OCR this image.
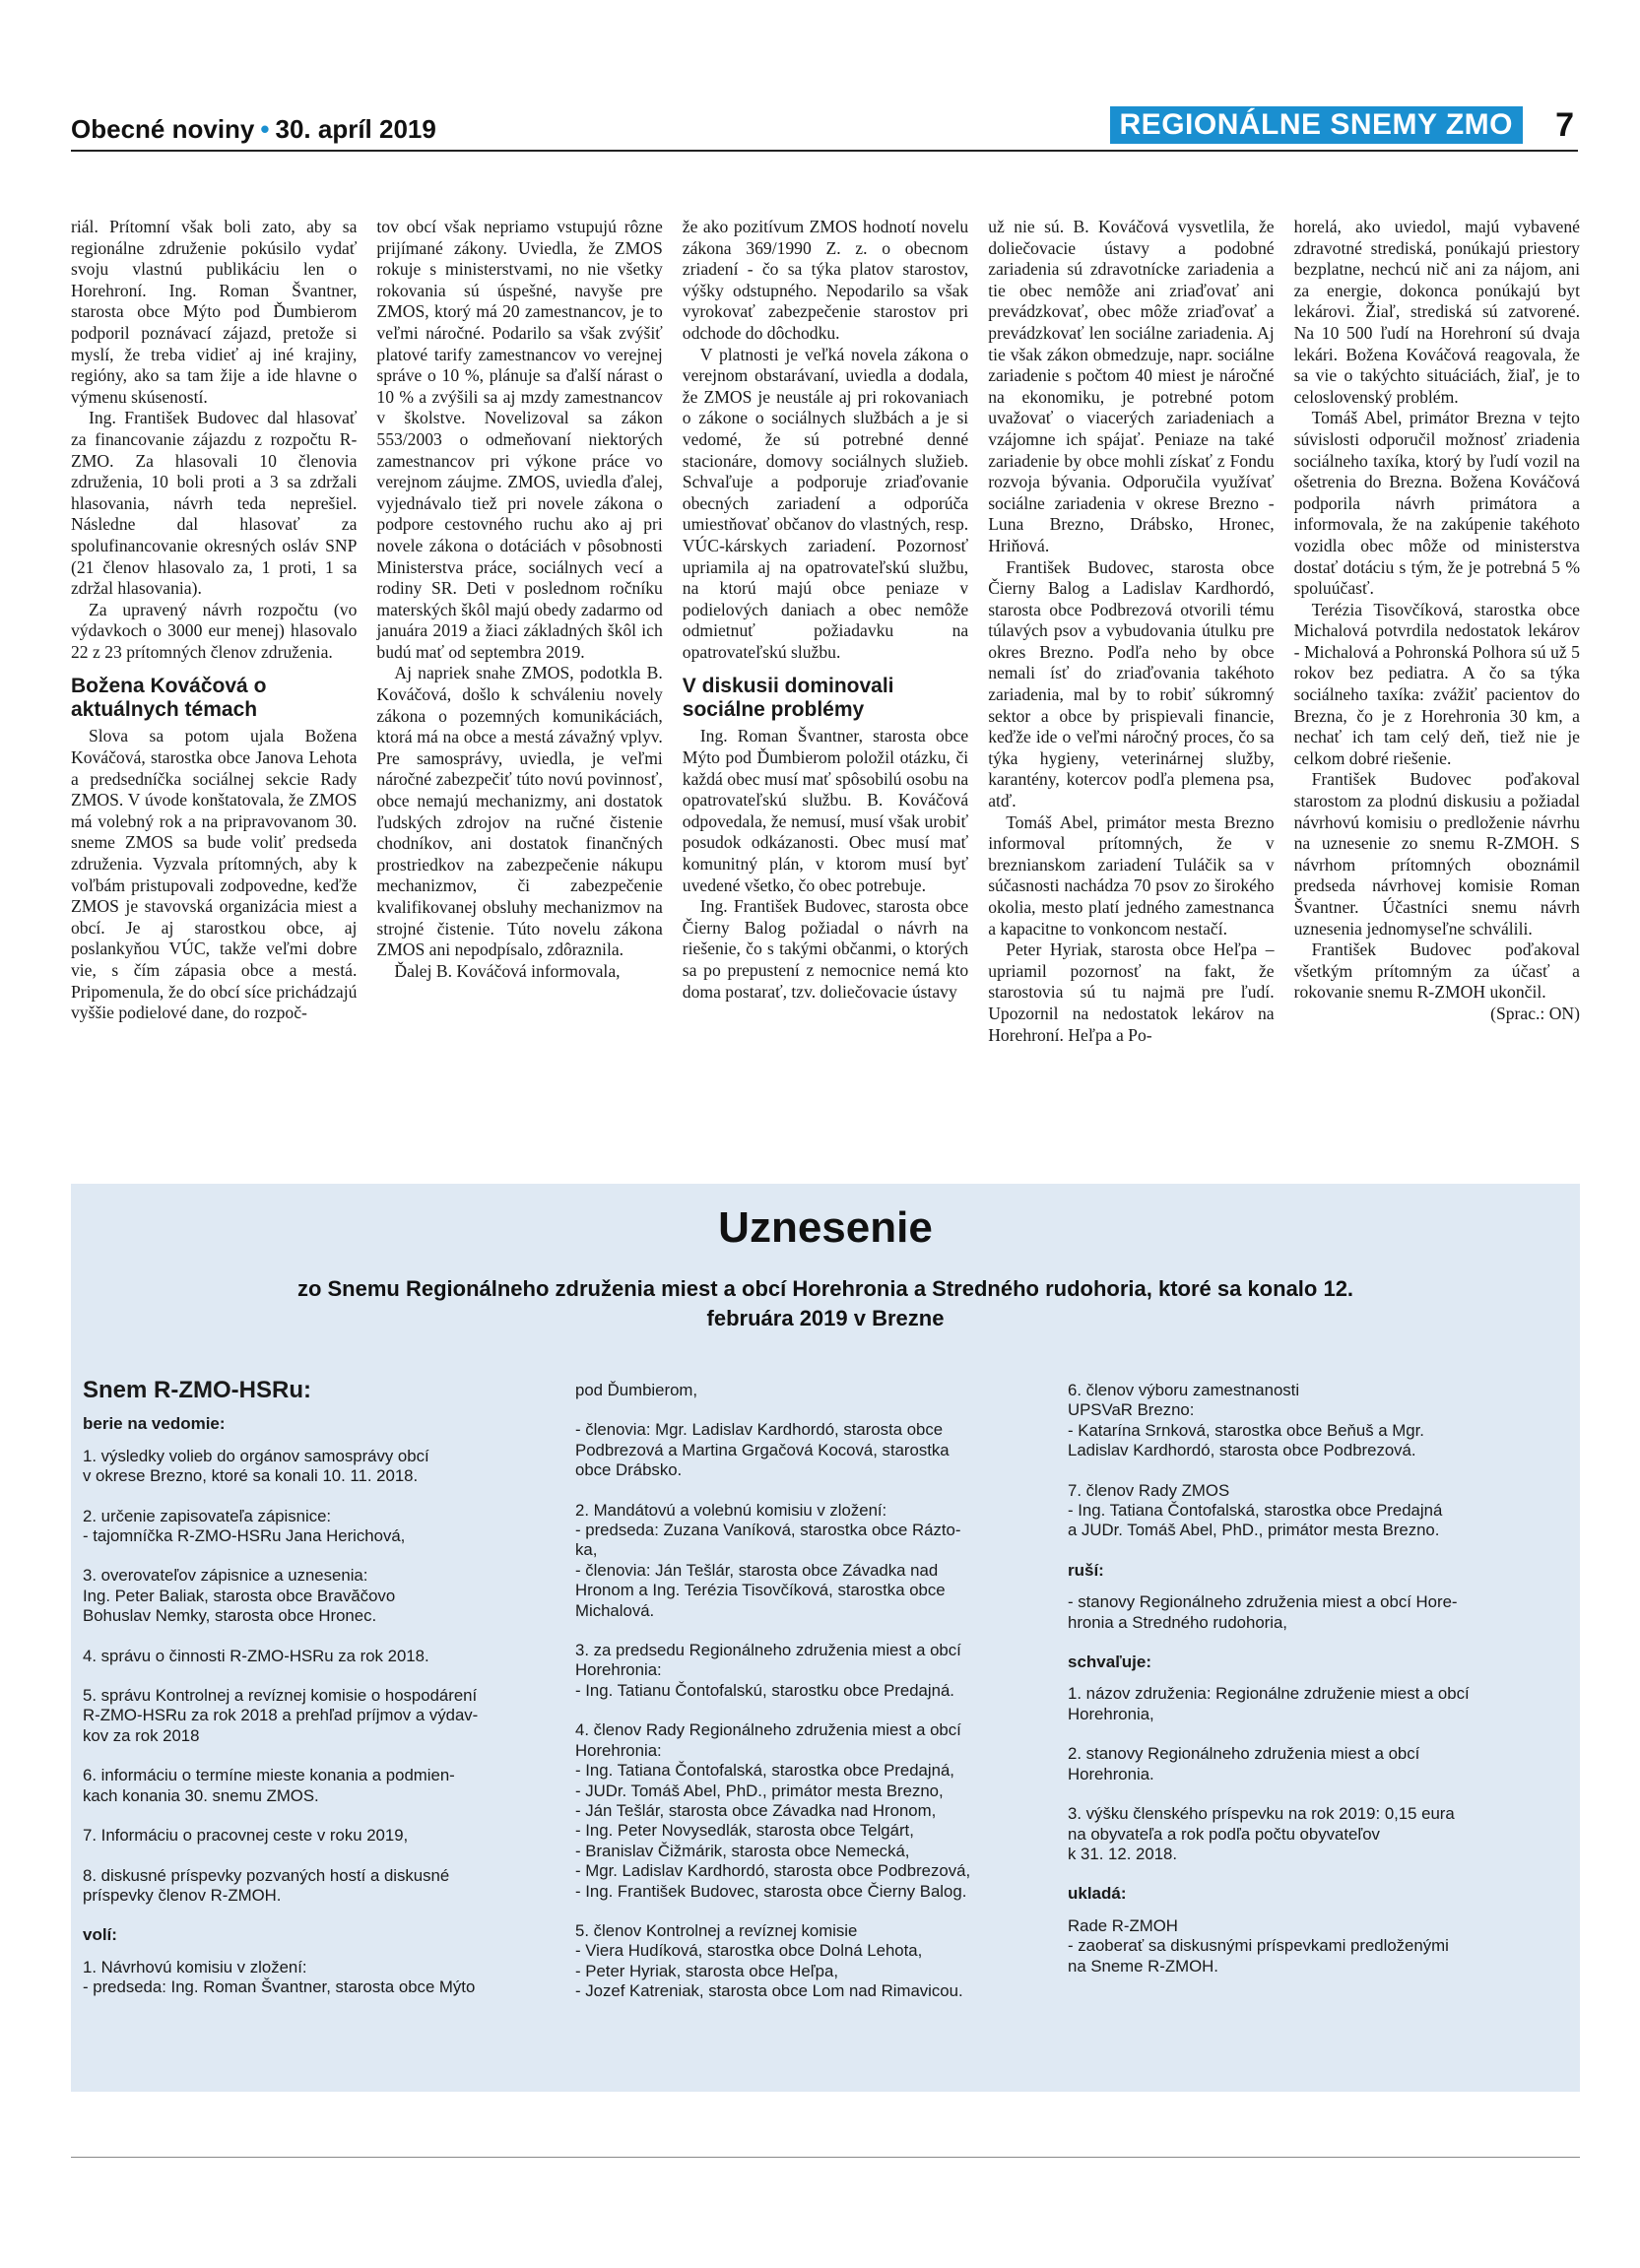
Obecné noviny • 30. apríl 2019	REGIONÁLNE SNEMY ZMO 7

riál. Prítomní však boli zato, aby sa regionálne združenie pokúsilo vydať svoju vlastnú publikáciu len o Horehroní. Ing. Roman Švantner, starosta obce Mýto pod Ďumbierom podporil poznávací zájazd, pretože si myslí, že treba vidieť aj iné krajiny, regióny, ako sa tam žije a ide hlavne o výmenu skúseností.

Ing. František Budovec dal hlasovať za financovanie zájazdu z rozpočtu R-ZMO. Za hlasovali 10 členovia združenia, 10 boli proti a 3 sa zdržali hlasovania, návrh teda neprešiel. Následne dal hlasovať za spolufinancovanie okresných osláv SNP (21 členov hlasovalo za, 1 proti, 1 sa zdržal hlasovania).

Za upravený návrh rozpočtu (vo výdavkoch o 3000 eur menej) hlasovalo 22 z 23 prítomných členov združenia.

Božena Kováčová o aktuálnych témach

Slova sa potom ujala Božena Kováčová, starostka obce Janova Lehota a predsedníčka sociálnej sekcie Rady ZMOS. V úvode konštatovala, že ZMOS má volebný rok a na pripravovanom 30. sneme ZMOS sa bude voliť predseda združenia. Vyzvala prítomných, aby k voľbám pristupovali zodpovedne, keďže ZMOS je stavovská organizácia miest a obcí. Je aj starostkou obce, aj poslankyňou VÚC, takže veľmi dobre vie, s čím zápasia obce a mestá. Pripomenula, že do obcí síce prichádzajú vyššie podielové dane, do rozpoč-

tov obcí však nepriamo vstupujú rôzne prijímané zákony. Uviedla, že ZMOS rokuje s ministerstvami, no nie všetky rokovania sú úspešné, navyše pre ZMOS, ktorý má 20 zamestnancov, je to veľmi náročné. Podarilo sa však zvýšiť platové tarify zamestnancov vo verejnej správe o 10 %, plánuje sa ďalší nárast o 10 % a zvýšili sa aj mzdy zamestnancov v školstve. Novelizoval sa zákon 553/2003 o odmeňovaní niektorých zamestnancov pri výkone práce vo verejnom záujme. ZMOS, uviedla ďalej, vyjednávalo tiež pri novele zákona o podpore cestovného ruchu ako aj pri novele zákona o dotáciách v pôsobnosti Ministerstva práce, sociálnych vecí a rodiny SR. Deti v poslednom ročníku materských škôl majú obedy zadarmo od januára 2019 a žiaci základných škôl ich budú mať od septembra 2019.

Aj napriek snahe ZMOS, podotkla B. Kováčová, došlo k schváleniu novely zákona o pozemných komunikáciách, ktorá má na obce a mestá závažný vplyv. Pre samosprávy, uviedla, je veľmi náročné zabezpečiť túto novú povinnosť, obce nemajú mechanizmy, ani dostatok ľudských zdrojov na ručné čistenie chodníkov, ani dostatok finančných prostriedkov na zabezpečenie nákupu mechanizmov, či zabezpečenie kvalifikovanej obsluhy mechanizmov na strojné čistenie. Túto novelu zákona ZMOS ani nepodpísalo, zdôraznila.

Ďalej B. Kováčová informovala,

že ako pozitívum ZMOS hodnotí novelu zákona 369/1990 Z. z. o obecnom zriadení - čo sa týka platov starostov, výšky odstupného. Nepodarilo sa však vyrokovať zabezpečenie starostov pri odchode do dôchodku.

V platnosti je veľká novela zákona o verejnom obstarávaní, uviedla a dodala, že ZMOS je neustále aj pri rokovaniach o zákone o sociálnych službách a je si vedomé, že sú potrebné denné stacionáre, domovy sociálnych služieb. Schvaľuje a podporuje zriaďovanie obecných zariadení a odporúča umiestňovať občanov do vlastných, resp. VÚC-kárskych zariadení. Pozornosť upriamila aj na opatrovateľskú službu, na ktorú majú obce peniaze v podielových daniach a obec nemôže odmietnuť požiadavku na opatrovateľskú službu.

V diskusii dominovali sociálne problémy

Ing. Roman Švantner, starosta obce Mýto pod Ďumbierom položil otázku, či každá obec musí mať spôsobilú osobu na opatrovateľskú službu. B. Kováčová odpovedala, že nemusí, musí však urobiť posudok odkázanosti. Obec musí mať komunitný plán, v ktorom musí byť uvedené všetko, čo obec potrebuje.

Ing. František Budovec, starosta obce Čierny Balog požiadal o návrh na riešenie, čo s takými občanmi, o ktorých sa po prepustení z nemocnice nemá kto doma postarať, tzv. doliečovacie ústavy

už nie sú. B. Kováčová vysvetlila, že doliečovacie ústavy a podobné zariadenia sú zdravotnícke zariadenia a tie obec nemôže ani zriaďovať ani prevádzkovať, obec môže zriaďovať a prevádzkovať len sociálne zariadenia. Aj tie však zákon obmedzuje, napr. sociálne zariadenie s počtom 40 miest je náročné na ekonomiku, je potrebné potom uvažovať o viacerých zariadeniach a vzájomne ich spájať. Peniaze na také zariadenie by obce mohli získať z Fondu rozvoja bývania. Odporučila využívať sociálne zariadenia v okrese Brezno - Luna Brezno, Drábsko, Hronec, Hriňová.

František Budovec, starosta obce Čierny Balog a Ladislav Kardhordó, starosta obce Podbrezová otvorili tému túlavých psov a vybudovania útulku pre okres Brezno. Podľa neho by obce nemali ísť do zriaďovania takéhoto zariadenia, mal by to robiť súkromný sektor a obce by prispievali financie, keďže ide o veľmi náročný proces, čo sa týka hygieny, veterinárnej služby, karantény, kotercov podľa plemena psa, atď.

Tomáš Abel, primátor mesta Brezno informoval prítomných, že v breznianskom zariadení Tuláčik sa v súčasnosti nachádza 70 psov zo širokého okolia, mesto platí jedného zamestnanca a kapacitne to vonkoncom nestačí.

Peter Hyriak, starosta obce Heľpa – upriamil pozornosť na fakt, že starostovia sú tu najmä pre ľudí. Upozornil na nedostatok lekárov na Horehroní. Heľpa a Po-

horelá, ako uviedol, majú vybavené zdravotné strediská, ponúkajú priestory bezplatne, nechcú nič ani za nájom, ani za energie, dokonca ponúkajú byt lekárovi. Žiaľ, strediská sú zatvorené. Na 10 500 ľudí na Horehroní sú dvaja lekári. Božena Kováčová reagovala, že sa vie o takýchto situáciách, žiaľ, je to celoslovenský problém.

Tomáš Abel, primátor Brezna v tejto súvislosti odporučil možnosť zriadenia sociálneho taxíka, ktorý by ľudí vozil na ošetrenia do Brezna. Božena Kováčová podporila návrh primátora a informovala, že na zakúpenie takéhoto vozidla obec môže od ministerstva dostať dotáciu s tým, že je potrebná 5 % spoluúčasť.

Terézia Tisovčíková, starostka obce Michalová potvrdila nedostatok lekárov - Michalová a Pohronská Polhora sú už 5 rokov bez pediatra. A čo sa týka sociálneho taxíka: zvážiť pacientov do Brezna, čo je z Horehronia 30 km, a nechať ich tam celý deň, tiež nie je celkom dobré riešenie.

František Budovec poďakoval starostom za plodnú diskusiu a požiadal návrhovú komisiu o predloženie návrhu na uznesenie zo snemu R-ZMOH. S návrhom prítomných oboznámil predseda návrhovej komisie Roman Švantner. Účastníci snemu návrh uznesenia jednomyseľne schválili.

František Budovec poďakoval všetkým prítomným za účasť a rokovanie snemu R-ZMOH ukončil.

(Sprac.: ON)

Uznesenie
zo Snemu Regionálneho združenia miest a obcí Horehronia a Stredného rudohoria, ktoré sa konalo 12. februára 2019 v Brezne
Snem R-ZMO-HSRu:
berie na vedomie:
1. výsledky volieb do orgánov samosprávy obcí
v okrese Brezno, ktoré sa konali 10. 11. 2018.
2. určenie zapisovateľa zápisnice:
- tajomníčka R-ZMO-HSRu Jana Herichová,
3. overovateľov zápisnice a uznesenia:
Ing. Peter Baliak, starosta obce Bravăčovo
Bohuslav Nemky, starosta obce Hronec.
4. správu o činnosti R-ZMO-HSRu za rok 2018.
5. správu Kontrolnej a revíznej komisie o hospodárení
R-ZMO-HSRu za rok 2018 a prehľad príjmov a výdav-
kov za rok 2018
6. informáciu o termíne mieste konania a podmien-
kach konania 30. snemu ZMOS.
7. Informáciu o pracovnej ceste v roku 2019,
8. diskusné príspevky pozvaných hostí a diskusné
príspevky členov R-ZMOH.
volí:
1. Návrhovú komisiu v zložení:
- predseda: Ing. Roman Švantner, starosta obce Mýto
pod Ďumbierom,
- členovia: Mgr. Ladislav Kardhordó, starosta obce
Podbrezová a Martina Grgačová Kocová, starostka
obce Drábsko.
2. Mandátovú a volebnú komisiu v zložení:
- predseda: Zuzana Vaníková, starostka obce Rázto-
ka,
- členovia: Ján Tešlár, starosta obce Závadka nad
Hronom a Ing. Terézia Tisovčíková, starostka obce
Michalová.
3. za predsedu Regionálneho združenia miest a obcí
Horehronia:
- Ing. Tatianu Čontofalskú, starostku obce Predajná.
4. členov Rady Regionálneho združenia miest a obcí
Horehronia:
- Ing. Tatiana Čontofalská, starostka obce Predajná,
- JUDr. Tomáš Abel, PhD., primátor mesta Brezno,
- Ján Tešlár, starosta obce Závadka nad Hronom,
- Ing. Peter Novysedlák, starosta obce Telgárt,
- Branislav Čižmárik, starosta obce Nemecká,
- Mgr. Ladislav Kardhordó, starosta obce Podbrezová,
- Ing. František Budovec, starosta obce Čierny Balog.
5. členov Kontrolnej a revíznej komisie
- Viera Hudíková, starostka obce Dolná Lehota,
- Peter Hyriak, starosta obce Heľpa,
- Jozef Katreniak, starosta obce Lom nad Rimavicou.
6. členov výboru zamestnanosti
UPSVaR Brezno:
- Katarína Srnková, starostka obce Beňuš a Mgr.
Ladislav Kardhordó, starosta obce Podbrezová.
7. členov Rady ZMOS
- Ing. Tatiana Čontofalská, starostka obce Predajná
a JUDr. Tomáš Abel, PhD., primátor mesta Brezno.
ruší:
- stanovy Regionálneho združenia miest a obcí Hore-
hronia a Stredného rudohoria,
schvaľuje:
1. názov združenia: Regionálne združenie miest a obcí
Horehronia,
2. stanovy Regionálneho združenia miest a obcí
Horehronia.
3. výšku členského príspevku na rok 2019: 0,15 eura
na obyvateľa a rok podľa počtu obyvateľov
k 31. 12. 2018.
ukladá:
Rade R-ZMOH
- zaoberať sa diskusnými príspevkami predloženými
na Sneme R-ZMOH.
